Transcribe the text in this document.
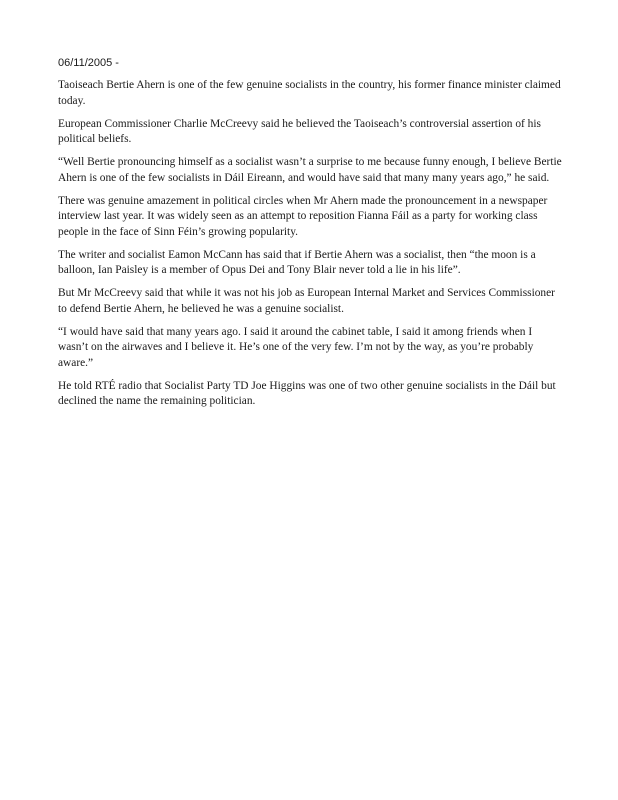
06/11/2005 -

Taoiseach Bertie Ahern is one of the few genuine socialists in the country, his former finance minister claimed today.

European Commissioner Charlie McCreevy said he believed the Taoiseach’s controversial assertion of his political beliefs.

“Well Bertie pronouncing himself as a socialist wasn’t a surprise to me because funny enough, I believe Bertie Ahern is one of the few socialists in Dáil Eireann, and would have said that many many years ago,” he said.

There was genuine amazement in political circles when Mr Ahern made the pronouncement in a newspaper interview last year. It was widely seen as an attempt to reposition Fianna Fáil as a party for working class people in the face of Sinn Féin’s growing popularity.

The writer and socialist Eamon McCann has said that if Bertie Ahern was a socialist, then “the moon is a balloon, Ian Paisley is a member of Opus Dei and Tony Blair never told a lie in his life”.

But Mr McCreevy said that while it was not his job as European Internal Market and Services Commissioner to defend Bertie Ahern, he believed he was a genuine socialist.

“I would have said that many years ago. I said it around the cabinet table, I said it among friends when I wasn’t on the airwaves and I believe it. He’s one of the very few. I’m not by the way, as you’re probably aware.”

He told RTÉ radio that Socialist Party TD Joe Higgins was one of two other genuine socialists in the Dáil but declined the name the remaining politician.
